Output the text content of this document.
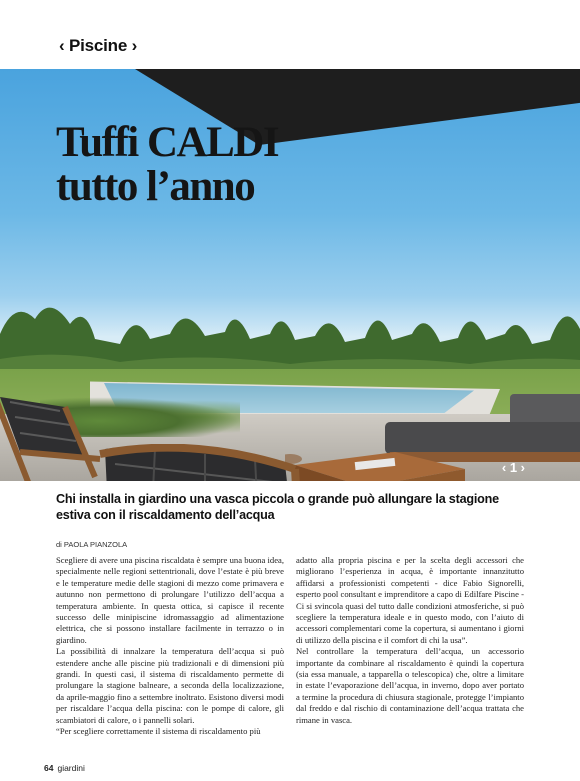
‹ Piscine ›
Tuffi CALDI
tutto l’anno
‹ 1 ›

Chi installa in giardino una vasca piccola o grande può allungare la stagione estiva con il riscaldamento dell’acqua

di PAOLA PIANZOLA

Scegliere di avere una piscina riscaldata è sempre una buona idea, specialmente nelle regioni settentrionali, dove l’estate è più breve e le temperature medie delle stagioni di mezzo come primavera e autunno non permettono di prolungare l’utilizzo dell’acqua a temperatura ambiente. In questa ottica, si capisce il recente successo delle minipiscine idromassaggio ad alimentazione elettrica, che si possono installare facilmente in terrazzo o in giardino.

La possibilità di innalzare la temperatura dell’acqua si può estendere anche alle piscine più tradizionali e di dimensioni più grandi. In questi casi, il sistema di riscaldamento permette di prolungare la stagione balneare, a seconda della localizzazione, da aprile-maggio fino a settembre inoltrato. Esistono diversi modi per riscaldare l’acqua della piscina: con le pompe di calore, gli scambiatori di calore, o i pannelli solari.

“Per scegliere correttamente il sistema di riscaldamento più

adatto alla propria piscina e per la scelta degli accessori che migliorano l’esperienza in acqua, è importante innanzitutto affidarsi a professionisti competenti - dice Fabio Signorelli, esperto pool consultant e imprenditore a capo di Edilfare Piscine - Ci si svincola quasi del tutto dalle condizioni atmosferiche, si può scegliere la temperatura ideale e in questo modo, con l’aiuto di accessori complementari come la copertura, si aumentano i giorni di utilizzo della piscina e il comfort di chi la usa”.

Nel controllare la temperatura dell’acqua, un accessorio importante da combinare al riscaldamento è quindi la copertura (sia essa manuale, a tapparella o telescopica) che, oltre a limitare in estate l’evaporazione dell’acqua, in inverno, dopo aver portato a termine la procedura di chiusura stagionale, protegge l’impianto dal freddo e dal rischio di contaminazione dell’acqua trattata che rimane in vasca.

64 giardini
